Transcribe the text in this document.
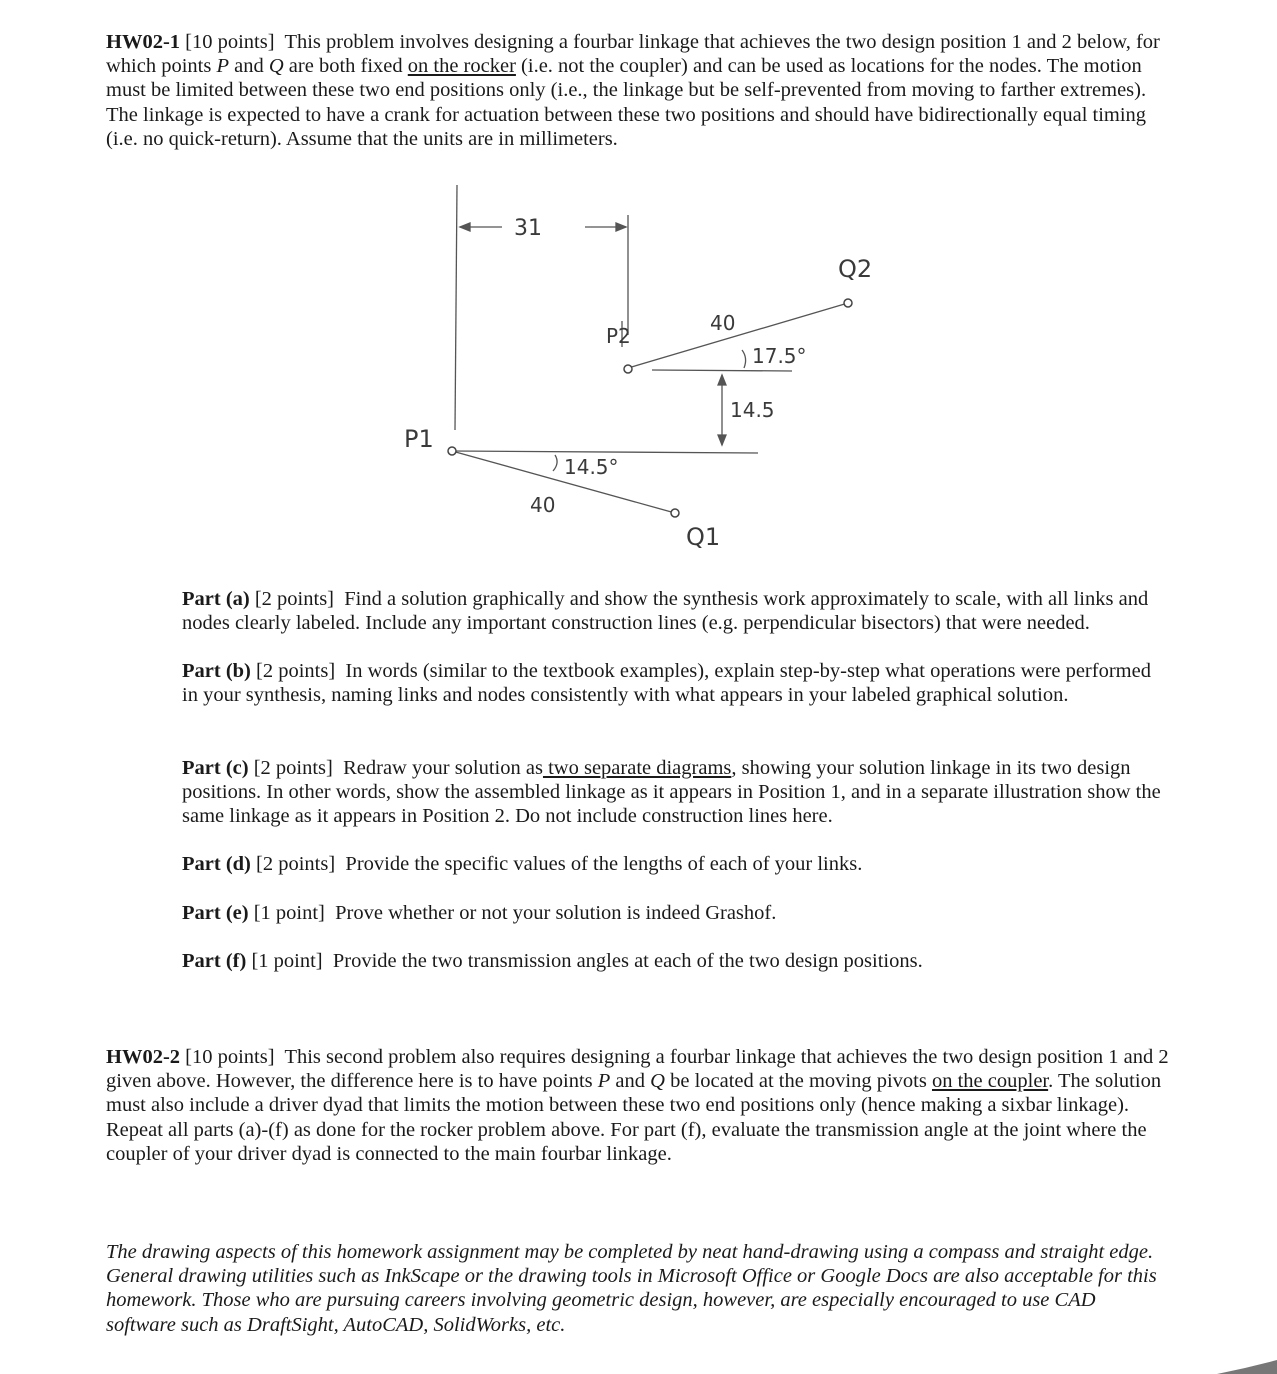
HW02-1 [10 points] This problem involves designing a fourbar linkage that achieves the two design position 1 and 2 below, for which points P and Q are both fixed on the rocker (i.e. not the coupler) and can be used as locations for the nodes. The motion must be limited between these two end positions only (i.e., the linkage but be self-prevented from moving to farther extremes). The linkage is expected to have a crank for actuation between these two positions and should have bidirectionally equal timing (i.e. no quick-return). Assume that the units are in millimeters.

31
Q2
P2
40
17.5°
14.5
P1
14.5°
40
Q1

Part (a) [2 points] Find a solution graphically and show the synthesis work approximately to scale, with all links and nodes clearly labeled. Include any important construction lines (e.g. perpendicular bisectors) that were needed.

Part (b) [2 points] In words (similar to the textbook examples), explain step-by-step what operations were performed in your synthesis, naming links and nodes consistently with what appears in your labeled graphical solution.

Part (c) [2 points] Redraw your solution as two separate diagrams, showing your solution linkage in its two design positions. In other words, show the assembled linkage as it appears in Position 1, and in a separate illustration show the same linkage as it appears in Position 2. Do not include construction lines here.

Part (d) [2 points] Provide the specific values of the lengths of each of your links.

Part (e) [1 point] Prove whether or not your solution is indeed Grashof.

Part (f) [1 point] Provide the two transmission angles at each of the two design positions.

HW02-2 [10 points] This second problem also requires designing a fourbar linkage that achieves the two design position 1 and 2 given above. However, the difference here is to have points P and Q be located at the moving pivots on the coupler. The solution must also include a driver dyad that limits the motion between these two end positions only (hence making a sixbar linkage). Repeat all parts (a)-(f) as done for the rocker problem above. For part (f), evaluate the transmission angle at the joint where the coupler of your driver dyad is connected to the main fourbar linkage.

The drawing aspects of this homework assignment may be completed by neat hand-drawing using a compass and straight edge. General drawing utilities such as InkScape or the drawing tools in Microsoft Office or Google Docs are also acceptable for this homework. Those who are pursuing careers involving geometric design, however, are especially encouraged to use CAD software such as DraftSight, AutoCAD, SolidWorks, etc.
